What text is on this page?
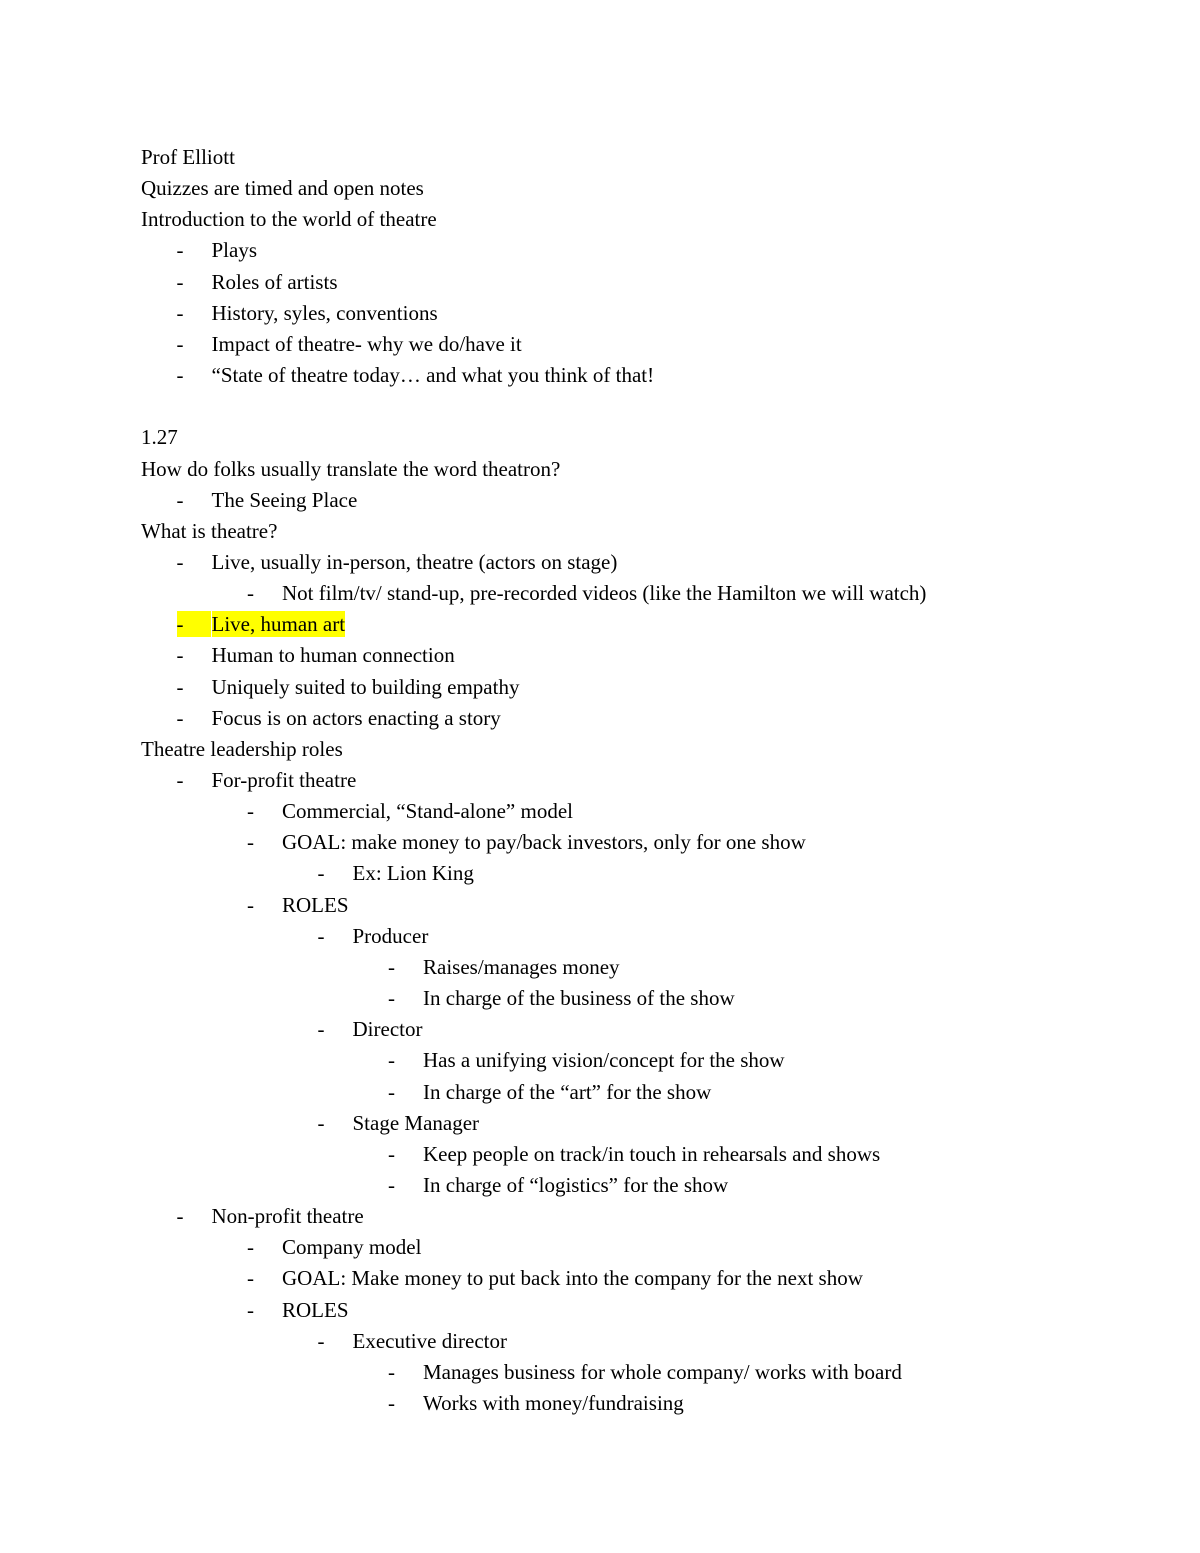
Prof Elliott
Quizzes are timed and open notes
Introduction to the world of theatre
- Plays
- Roles of artists
- History, syles, conventions
- Impact of theatre- why we do/have it
- “State of theatre today… and what you think of that!
1.27
How do folks usually translate the word theatron?
- The Seeing Place
What is theatre?
- Live, usually in-person, theatre (actors on stage)
- Not film/tv/ stand-up, pre-recorded videos (like the Hamilton we will watch)
-	Live, human art
- Human to human connection
- Uniquely suited to building empathy
- Focus is on actors enacting a story
Theatre leadership roles
- For-profit theatre
- Commercial, “Stand-alone” model
- GOAL: make money to pay/back investors, only for one show
- Ex: Lion King
- ROLES
- Producer
- Raises/manages money
- In charge of the business of the show
- Director
- Has a unifying vision/concept for the show
- In charge of the “art” for the show
- Stage Manager
- Keep people on track/in touch in rehearsals and shows
- In charge of “logistics” for the show
- Non-profit theatre
- Company model
- GOAL: Make money to put back into the company for the next show
- ROLES
- Executive director
- Manages business for whole company/ works with board
- Works with money/fundraising
